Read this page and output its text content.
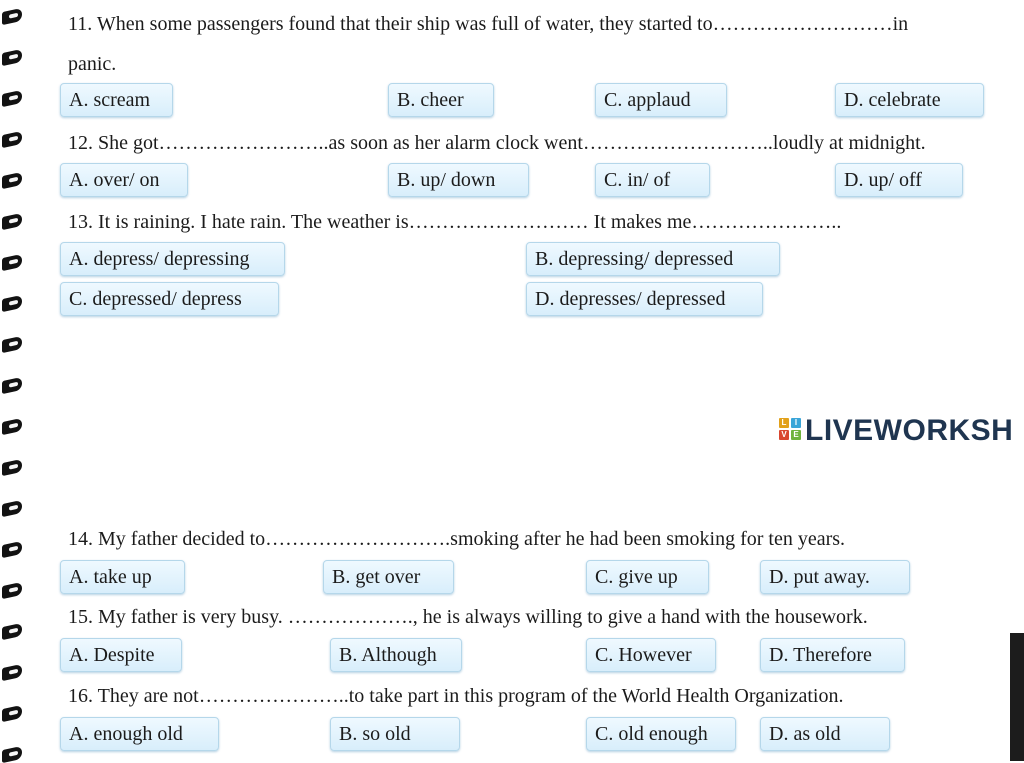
11. When some passengers found that their ship was full of water, they started to………………………in
panic.
A. scream	B. cheer	C. applaud	D. celebrate
12. She got……………………..as soon as her alarm clock went………………………..loudly at midnight.
A. over/ on	B. up/ down	C. in/ of	D. up/ off
13. It is raining. I hate rain. The weather is……………………… It makes me…………………..
A. depress/ depressing	B. depressing/ depressed
C. depressed/ depress	D. depresses/ depressed
L	I
V E LIVEWORKSH
14. My father decided to……………………….smoking after he had been smoking for ten years.
A. take up	B. get over	C. give up	D. put away.
15. My father is very busy. ………………., he is always willing to give a hand with the housework.
A. Despite	B. Although	C. However	D. Therefore
16. They are not…………………..to take part in this program of the World Health Organization.
A. enough old	B. so old	C. old enough	D. as old
